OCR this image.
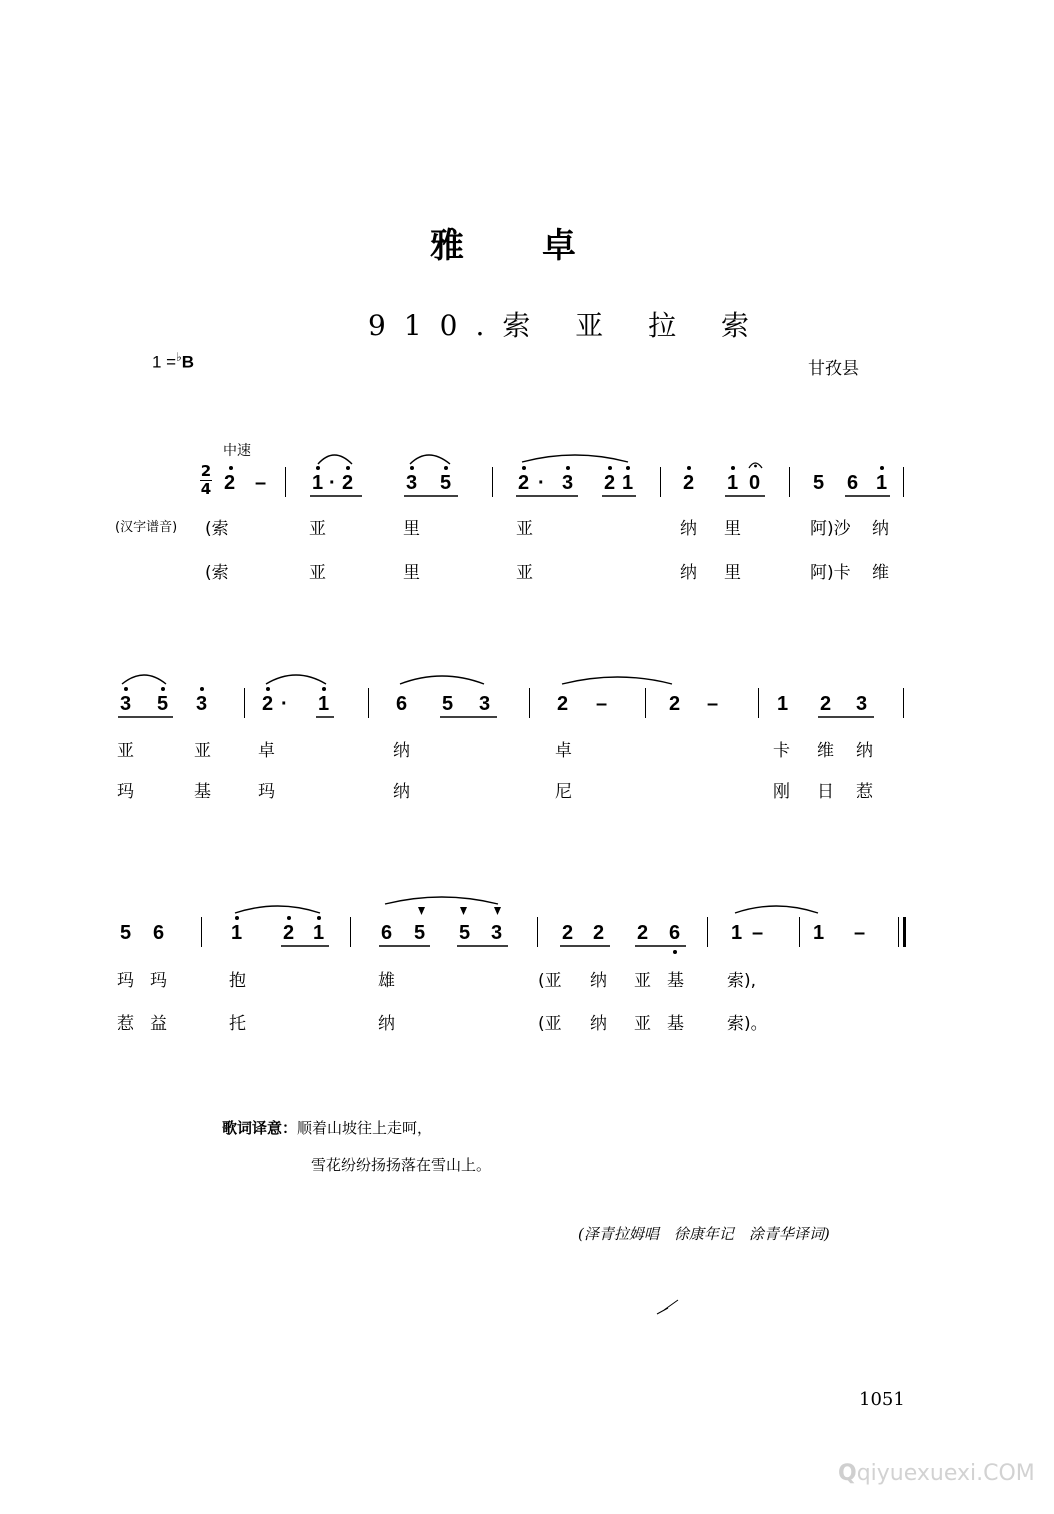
雅卓
910.索 亚 拉 索
1 =♭B	甘孜县
中速
2
4 2 – 1 · 2	3 5	2 · 3 2 1 2 1 0	5 6 1
(汉字谱音) (索	亚	里	亚	纳 里	阿)沙 纳
(索	亚	里	亚	纳 里	阿)卡 维
3 5 3	2 · 1	6 5 3	2 –	2 –	1 2 3
亚	亚	卓	纳	卓	卡 维 纳
玛	基	玛	纳	尼	刚 日 惹
5 6	1 2 1	6 5 5 3	2 2 2 6	1 – 1 –
玛 玛	抱	雄	(亚 纳 亚 基	索),
惹 益	托	纳	(亚 纳 亚 基	索)。
歌词译意：顺着山坡往上走呵，
雪花纷纷扬扬落在雪山上。
(泽青拉姆唱　徐康年记　涂青华译词)
1051
Qqiyuexuexi.COM
